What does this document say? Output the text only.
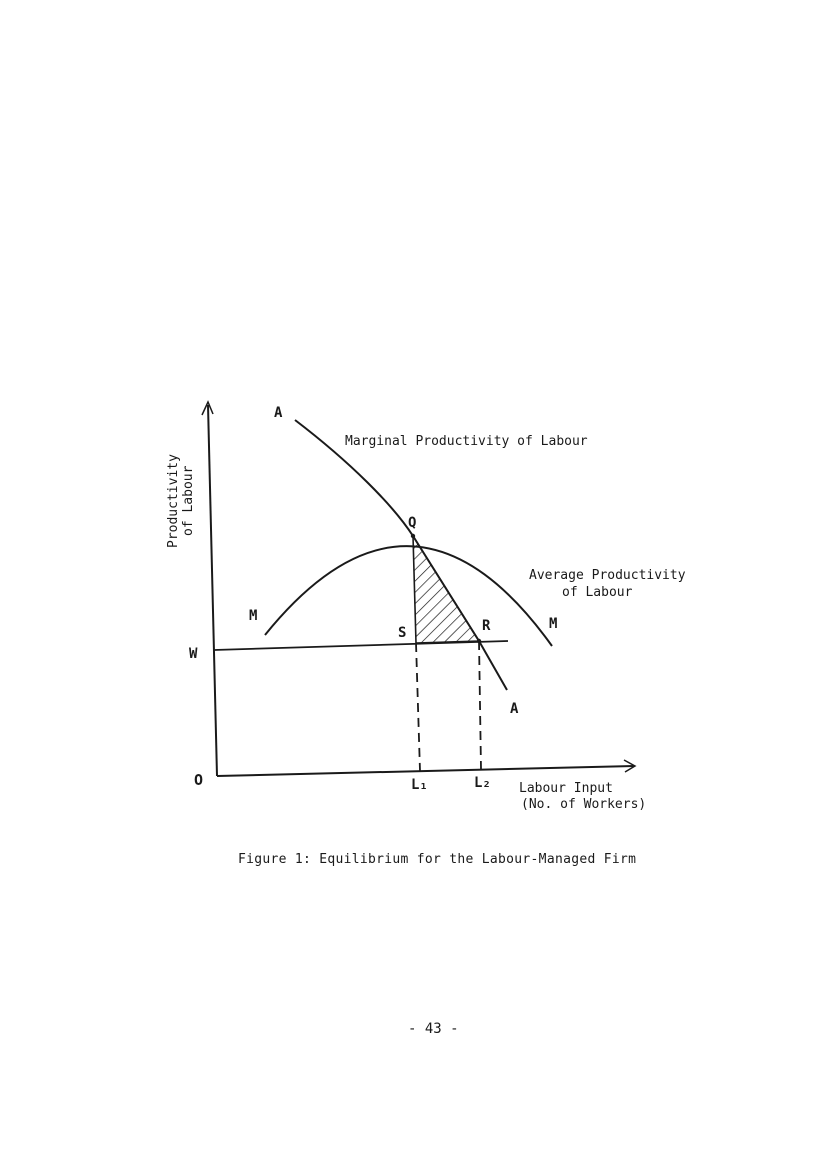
Productivity of Labour
A
M
Q
S	R	M
A
W
O	L₁	L₂
Marginal Productivity of Labour
Average Productivity
of Labour
Labour Input
(No. of Workers)
Figure 1: Equilibrium for the Labour-Managed Firm
- 43 -
